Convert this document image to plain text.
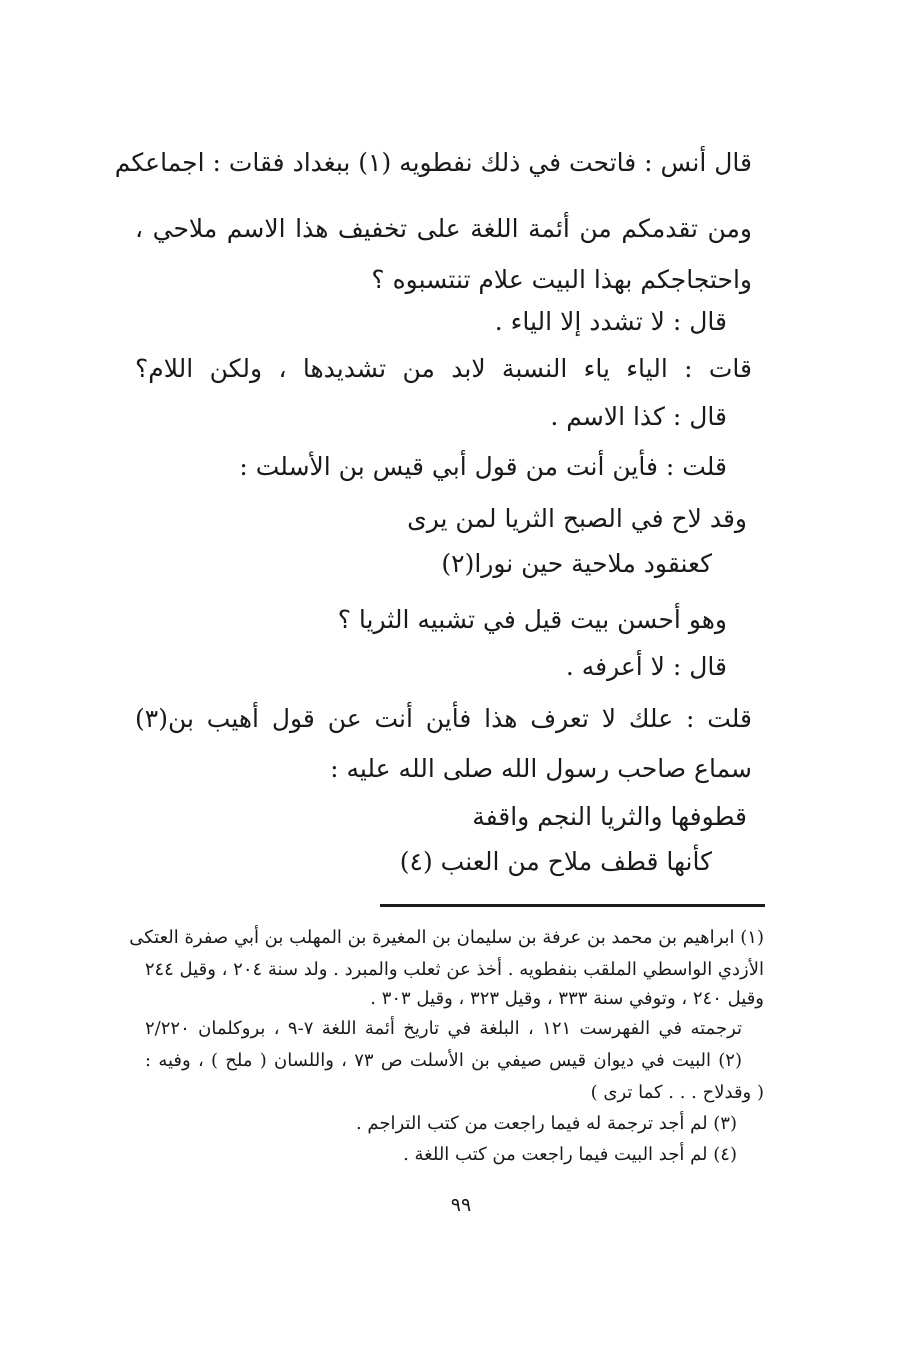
قال أنس : فاتحت في ذلك نفطويه (١) ببغداد فقات : اجماعكم
ومن تقدمكم من أئمة اللغة على تخفيف هذا الاسم ملاحي ،
واحتجاجكم بهذا البيت علام تنتسبوه ؟
قال : لا تشدد إلا الياء .
قات : الياء ياء النسبة لابد من تشديدها ، ولكن اللام؟
قال : كذا الاسم .
قلت : فأين أنت من قول أبي قيس بن الأسلت :
وقد لاح في الصبح الثريا لمن يرى
كعنقود ملاحية حين نورا(٢)
وهو أحسن بيت قيل في تشبيه الثريا ؟
قال : لا أعرفه .
قلت : علك لا تعرف هذا فأين أنت عن قول أهيب بن(٣)
سماع صاحب رسول الله صلى الله عليه :
قطوفها والثريا النجم واقفة
كأنها قطف ملاح من العنب (٤)
(١) ابراهيم بن محمد بن عرفة بن سليمان بن المغيرة بن المهلب بن أبي صفرة العتكى
الأزدي الواسطي الملقب بنفطويه . أخذ عن ثعلب والمبرد . ولد سنة ٢٠٤ ، وقيل ٢٤٤
وقيل ٢٤٠ ، وتوفي سنة ٣٣٣ ، وقيل ٣٢٣ ، وقيل ٣٠٣ .
ترجمته في الفهرست ١٢١ ، البلغة في تاريخ أئمة اللغة ٧-٩ ، بروكلمان ٢/٢٢٠
(٢) البيت في ديوان قيس صيفي بن الأسلت ص ٧٣ ، واللسان ( ملح ) ، وفيه :
( وقدلاح . . . كما ترى )
(٣) لم أجد ترجمة له فيما راجعت من كتب التراجم .
(٤) لم أجد البيت فيما راجعت من كتب اللغة .
٩٩
